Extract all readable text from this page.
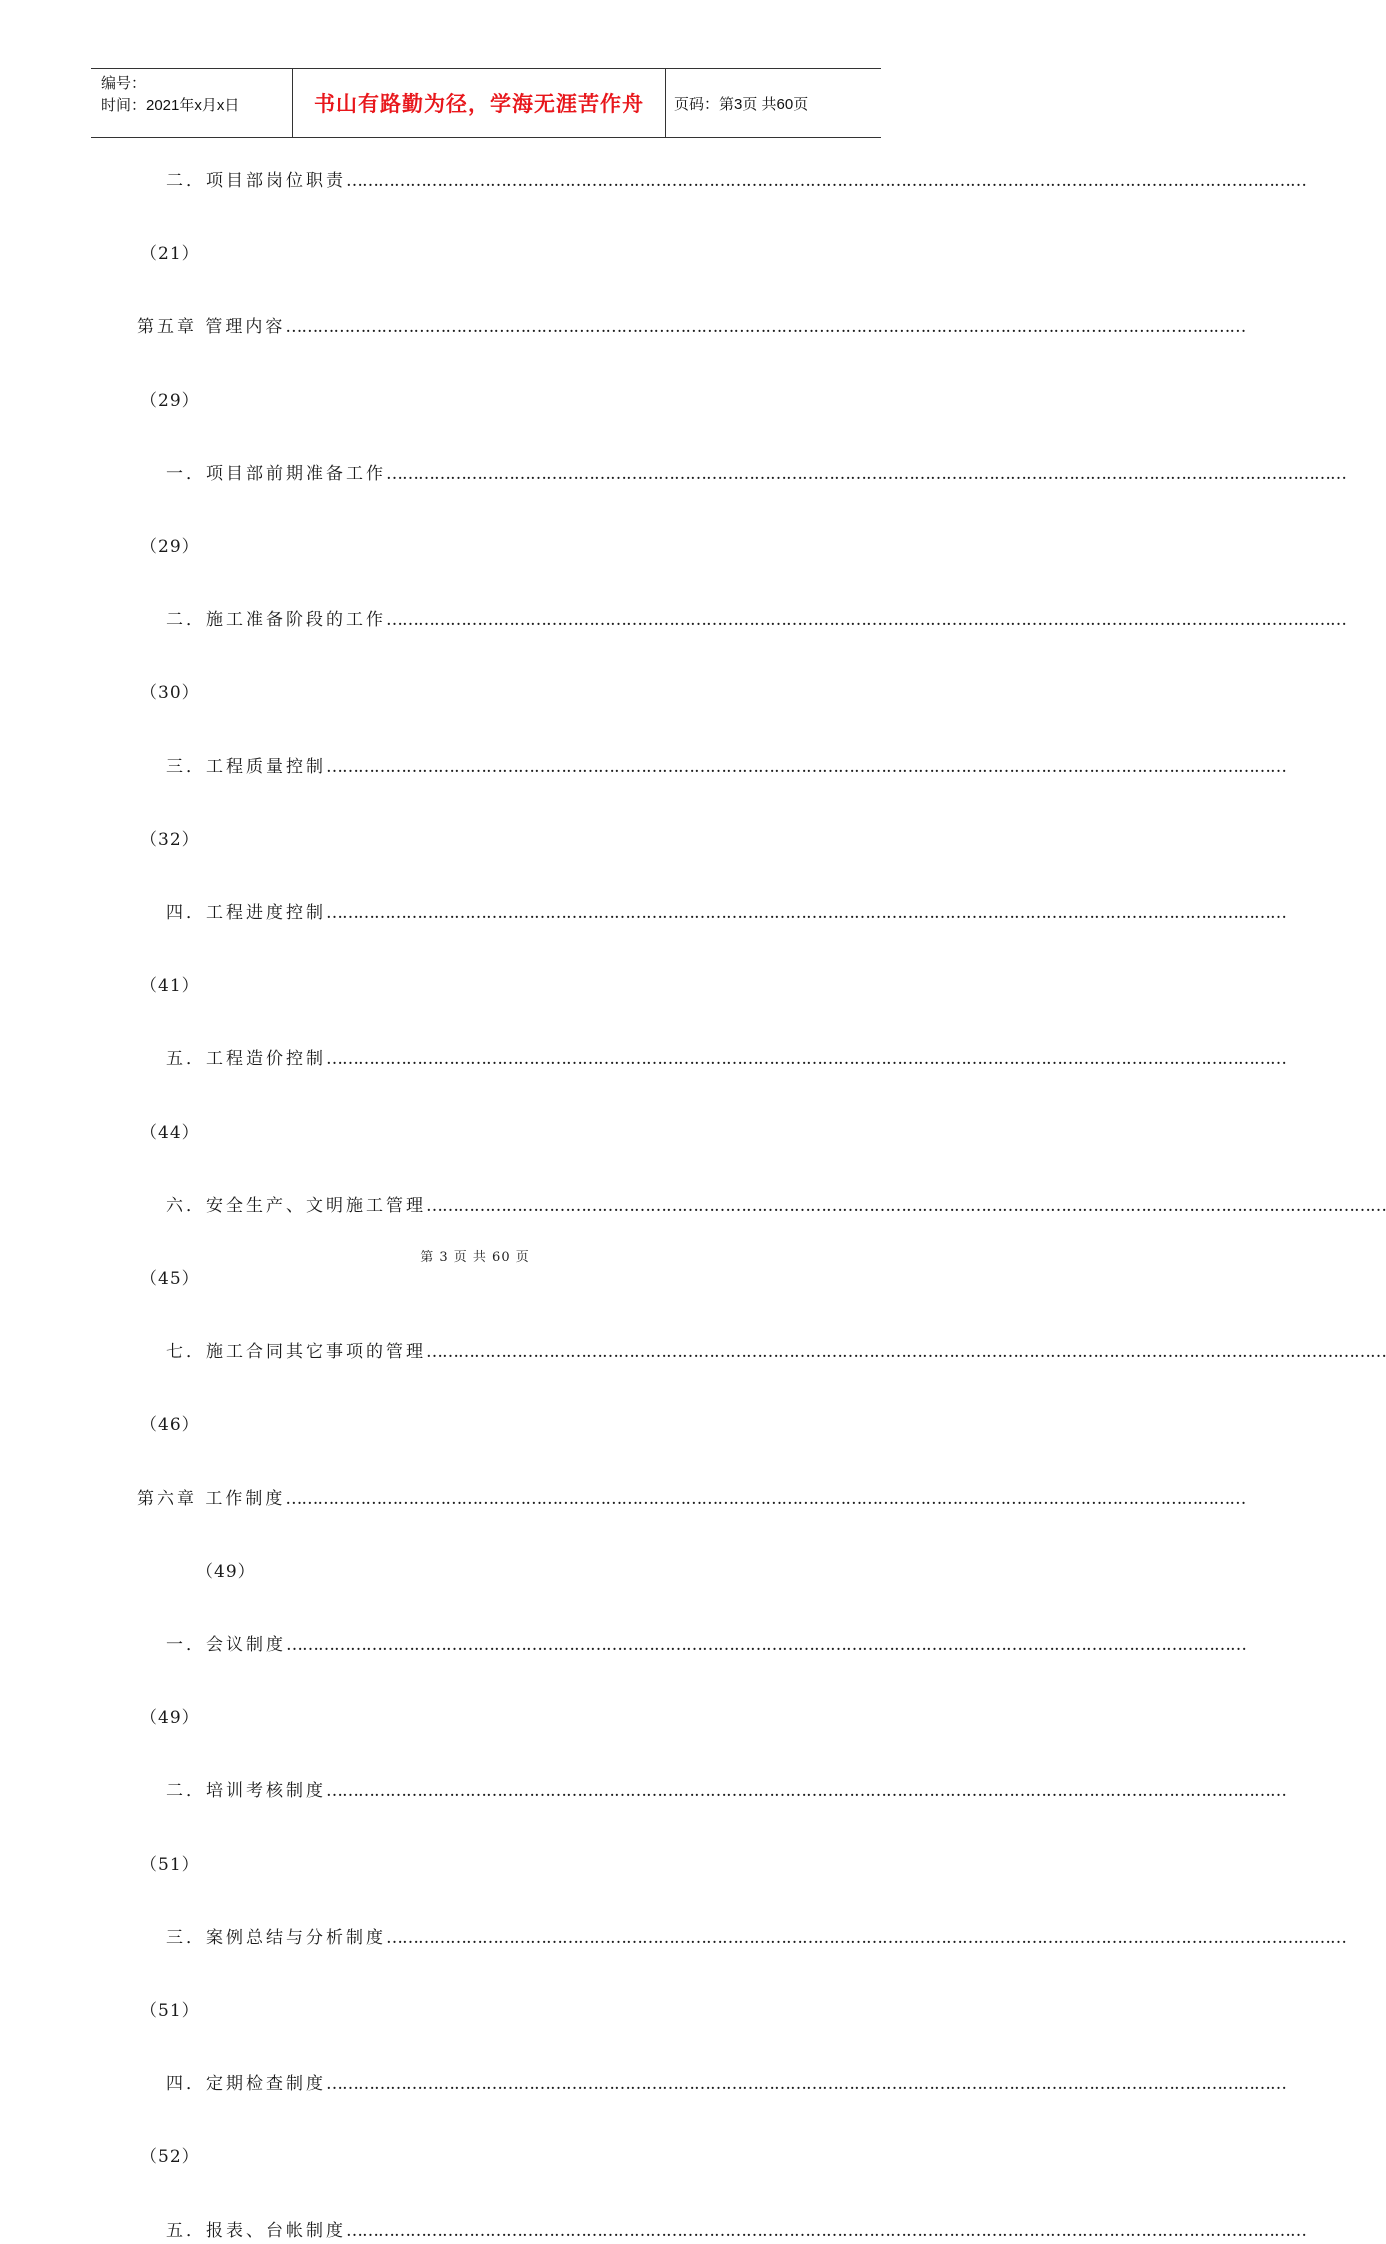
编号：
时间：2021年x月x日	书山有路勤为径，学海无涯苦作舟	页码：第3页 共60页
二．项目部岗位职责 ………………………………………………………………………………………………………………………………………………………………
（21）
第五章 管理内容 ………………………………………………………………………………………………………………………………………………………………
（29）
一．项目部前期准备工作 ………………………………………………………………………………………………………………………………………………………………
（29）
二．施工准备阶段的工作 ………………………………………………………………………………………………………………………………………………………………
（30）
三．工程质量控制 ………………………………………………………………………………………………………………………………………………………………
（32）
四．工程进度控制 ………………………………………………………………………………………………………………………………………………………………
（41）
五．工程造价控制 ………………………………………………………………………………………………………………………………………………………………
（44）
六．安全生产、文明施工管理 ………………………………………………………………………………………………………………………………………………………………
（45）
七．施工合同其它事项的管理 ………………………………………………………………………………………………………………………………………………………………
（46）
第六章 工作制度 ………………………………………………………………………………………………………………………………………………………………
（49）
一．会议制度 ………………………………………………………………………………………………………………………………………………………………
（49）
二．培训考核制度 ………………………………………………………………………………………………………………………………………………………………
（51）
三．案例总结与分析制度 ………………………………………………………………………………………………………………………………………………………………
（51）
四．定期检查制度 ………………………………………………………………………………………………………………………………………………………………
（52）
五．报表、台帐制度 ………………………………………………………………………………………………………………………………………………………………
第 3 页 共 60 页
